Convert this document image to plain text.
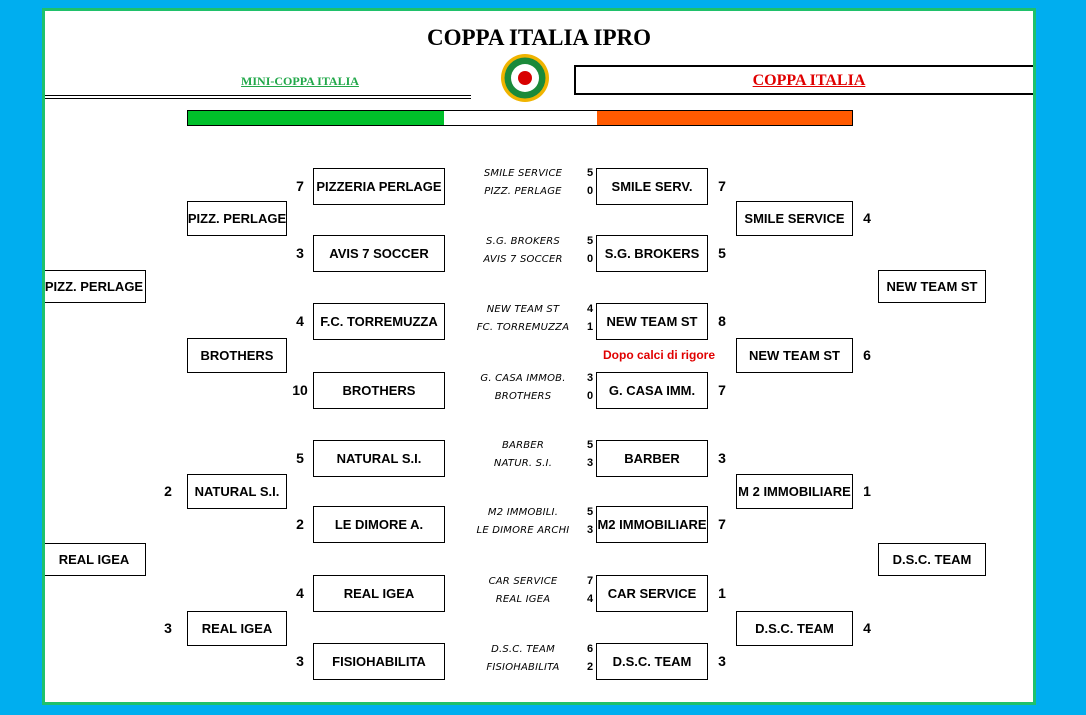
COPPA ITALIA IPRO
MINI-COPPA ITALIA	COPPA ITALIA
PIZZERIA PERLAGE
7
AVIS 7 SOCCER
3
F.C. TORREMUZZA
4
BROTHERS
10
NATURAL S.I.
5
LE DIMORE A.
2
REAL IGEA
4
FISIOHABILITA
3
PIZZ. PERLAGE
BROTHERS
NATURAL S.I.
2
REAL IGEA
3
PIZZ. PERLAGE
REAL IGEA
SMILE SERV.	7
S.G. BROKERS	5
NEW TEAM ST	8
G. CASA IMM.	7
BARBER	3
M2 IMMOBILIARE 7
CAR SERVICE	1
D.S.C. TEAM	3
SMILE SERVICE	4
NEW TEAM ST	6
M 2 IMMOBILIARE 1
D.S.C. TEAM	4
NEW TEAM ST
D.S.C. TEAM
SMILE SERVICE	5
PIZZ. PERLAGE	0
S.G. BROKERS	5
AVIS 7 SOCCER	0
NEW TEAM ST	4
FC. TORREMUZZA	1
G. CASA IMMOB.	3
BROTHERS	0
BARBER	5
NATUR. S.I.	3
M2 IMMOBILI.	5
LE DIMORE ARCHI	3
CAR SERVICE	7
REAL IGEA	4
D.S.C. TEAM	6
FISIOHABILITA	2
Dopo calci di rigore
